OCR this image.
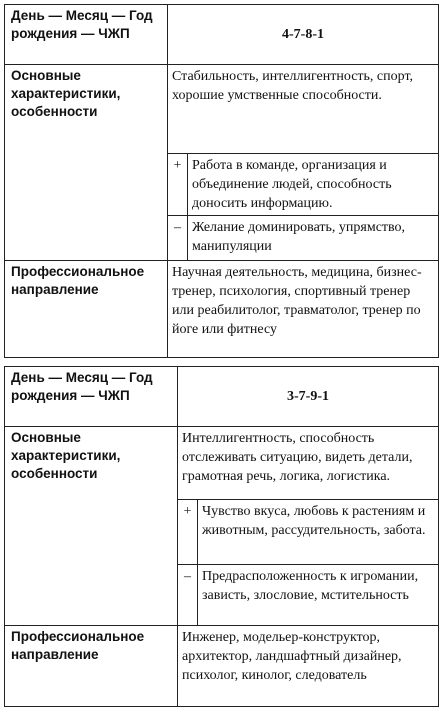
День — Месяц — Год рождения — ЧЖП	4-7-8-1	
Основные характеристики, особенности	Стабильность, интеллигентность, спорт, хорошие умственные способности.	
	+	Работа в команде, организация и объединение людей, способность доносить информацию.
	–	Желание доминировать, упрямство, манипуляции
Профессиональное направление	Научная деятельность, медицина, бизнес-тренер, психология, спортивный тренер или реабилитолог, травматолог, тренер по йоге или фитнесу	
День — Месяц — Год рождения — ЧЖП	3-7-9-1	
Основные характеристики, особенности	Интеллигентность, способность отслеживать ситуацию, видеть детали, грамотная речь, логика, логистика.	
	+	Чувство вкуса, любовь к растениям и животным, рассудительность, забота.
	–	Предрасположенность к игромании, зависть, злословие, мстительность
Профессиональное направление	Инженер, модельер-конструктор, архитектор, ландшафтный дизайнер, психолог, кинолог, следователь	
